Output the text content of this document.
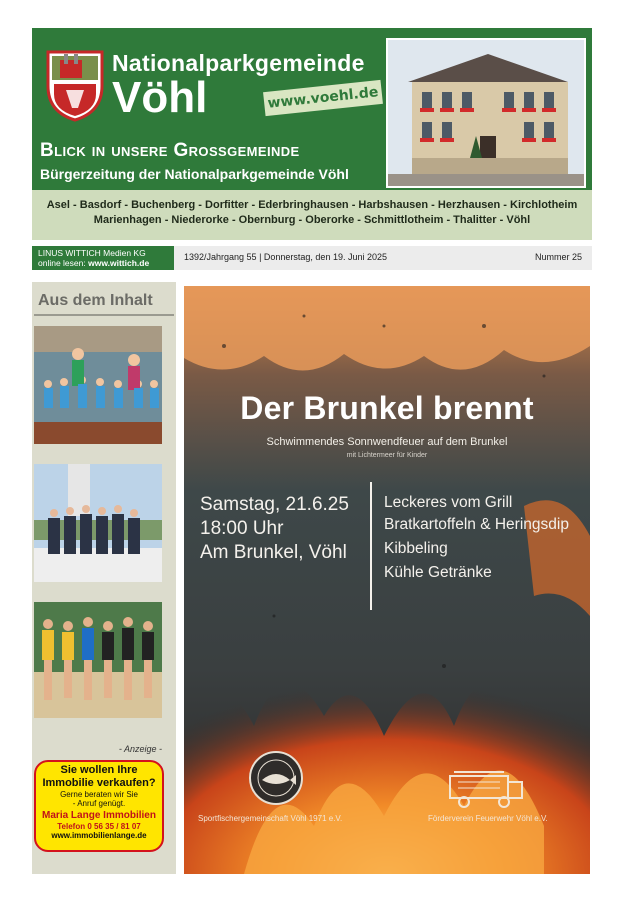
Nationalparkgemeinde
Vöhl	www.voehl.de
Blick in unsere Grossgemeinde
Bürgerzeitung der Nationalparkgemeinde Vöhl
Asel - Basdorf - Buchenberg - Dorfitter - Ederbringhausen - Harbshausen - Herzhausen - Kirchlotheim
Marienhagen - Niederorke - Obernburg - Oberorke - Schmittlotheim - Thalitter - Vöhl
LINUS WITTICH Medien KG
online lesen: www.wittich.de
1392/Jahrgang 55 | Donnerstag, den 19. Juni 2025	Nummer 25
Aus dem Inhalt
- Anzeige -
Sie wollen Ihre
Immobilie verkaufen?
Gerne beraten wir Sie
- Anruf genügt.
Maria Lange Immobilien
Telefon 0 56 35 / 81 07
www.immobilienlange.de
Der Brunkel brennt
Schwimmendes Sonnwendfeuer auf dem Brunkel
mit Lichtermeer für Kinder
Samstag, 21.6.25
18:00 Uhr
Am Brunkel, Vöhl
Leckeres vom Grill
Bratkartoffeln & Heringsdip
Kibbeling
Kühle Getränke
Sportfischergemeinschaft Vöhl 1971 e.V.	Förderverein Feuerwehr Vöhl e.V.
